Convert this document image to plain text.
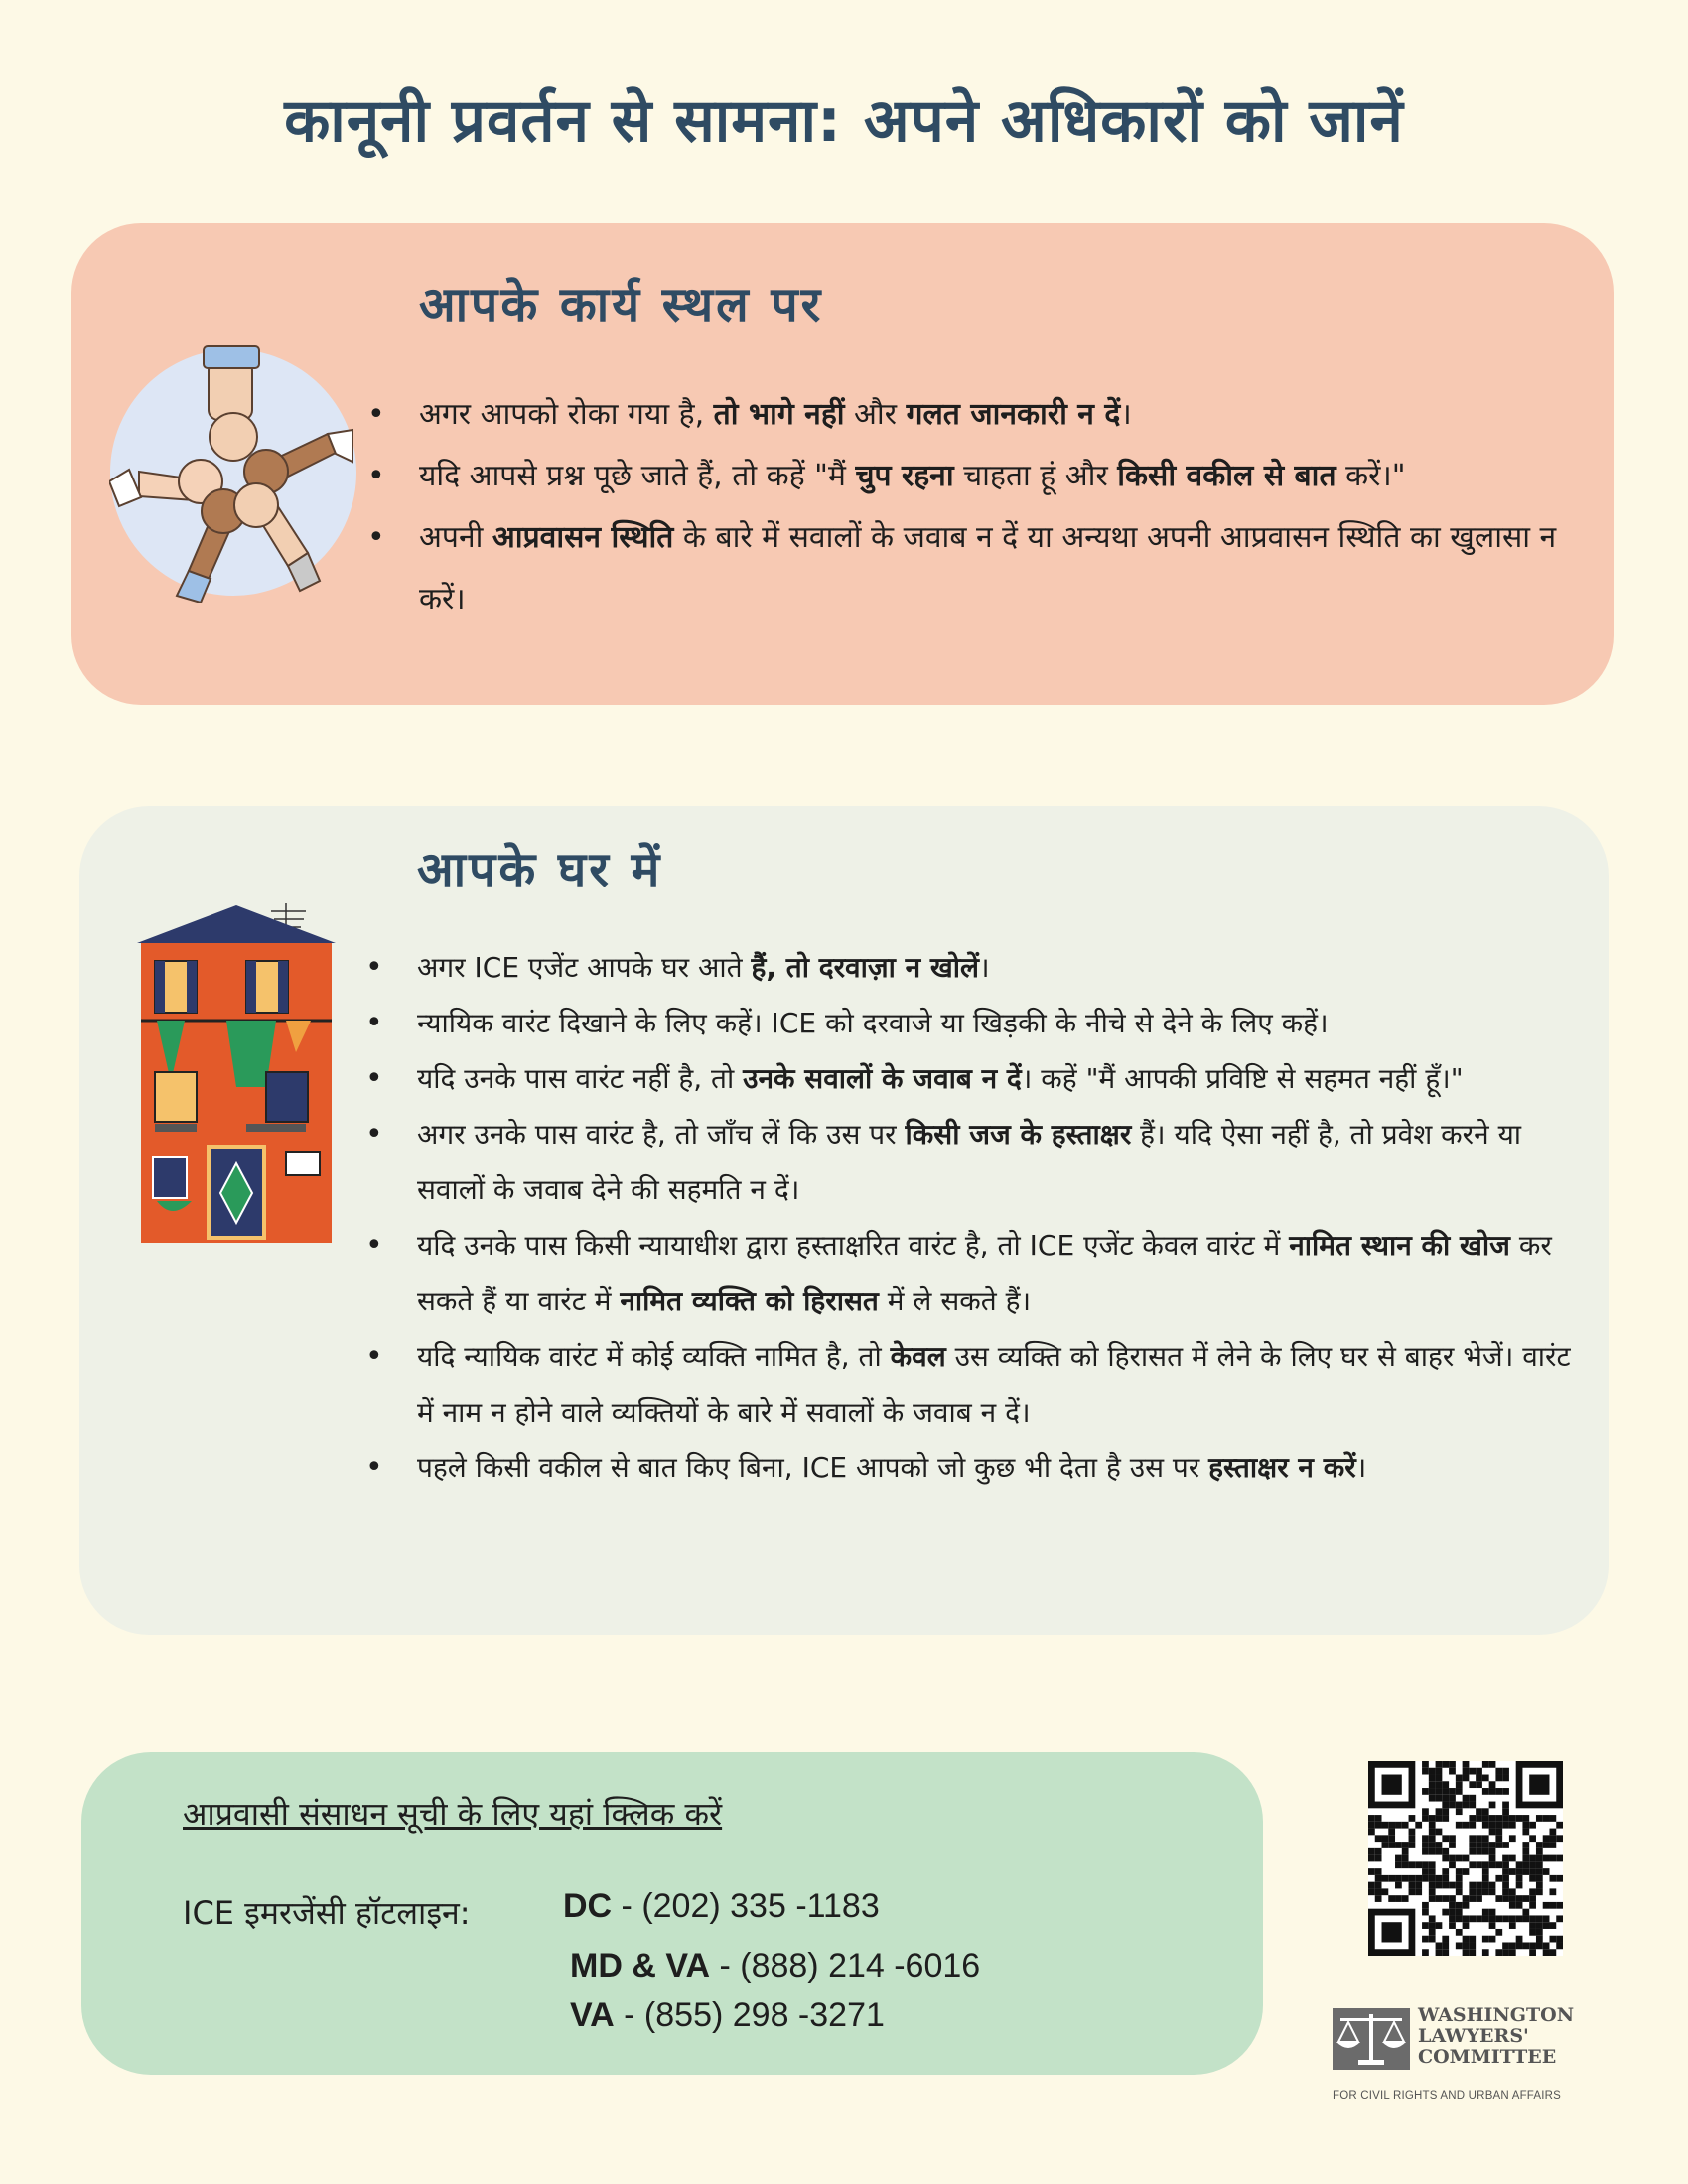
कानूनी प्रवर्तन से सामना: अपने अधिकारों को जानें
आपके कार्य स्थल पर
• अगर आपको रोका गया है, तो भागे नहीं और गलत जानकारी न दें।
• यदि आपसे प्रश्न पूछे जाते हैं, तो कहें "मैं चुप रहना चाहता हूं और किसी वकील से बात करें।"
• अपनी आप्रवासन स्थिति के बारे में सवालों के जवाब न दें या अन्यथा अपनी आप्रवासन स्थिति का खुलासा न करें।
आपके घर में
• अगर ICE एजेंट आपके घर आते हैं, तो दरवाज़ा न खोलें।
• न्यायिक वारंट दिखाने के लिए कहें। ICE को दरवाजे या खिड़की के नीचे से देने के लिए कहें।
• यदि उनके पास वारंट नहीं है, तो उनके सवालों के जवाब न दें। कहें "मैं आपकी प्रविष्टि से सहमत नहीं हूँ।"
• अगर उनके पास वारंट है, तो जाँच लें कि उस पर किसी जज के हस्ताक्षर हैं। यदि ऐसा नहीं है, तो प्रवेश करने या सवालों के जवाब देने की सहमति न दें।
• यदि उनके पास किसी न्यायाधीश द्वारा हस्ताक्षरित वारंट है, तो ICE एजेंट केवल वारंट में नामित स्थान की खोज कर सकते हैं या वारंट में नामित व्यक्ति को हिरासत में ले सकते हैं।
• यदि न्यायिक वारंट में कोई व्यक्ति नामित है, तो केवल उस व्यक्ति को हिरासत में लेने के लिए घर से बाहर भेजें। वारंट में नाम न होने वाले व्यक्तियों के बारे में सवालों के जवाब न दें।
• पहले किसी वकील से बात किए बिना, ICE आपको जो कुछ भी देता है उस पर हस्ताक्षर न करें।
आप्रवासी संसाधन सूची के लिए यहां क्लिक करें
ICE इमरजेंसी हॉटलाइन:	DC - (202) 335 -1183
MD & VA - (888) 214 -6016
VA - (855) 298 -3271	WASHINGTON
LAWYERS'
COMMITTEE
FOR CIVIL RIGHTS AND URBAN AFFAIRS
